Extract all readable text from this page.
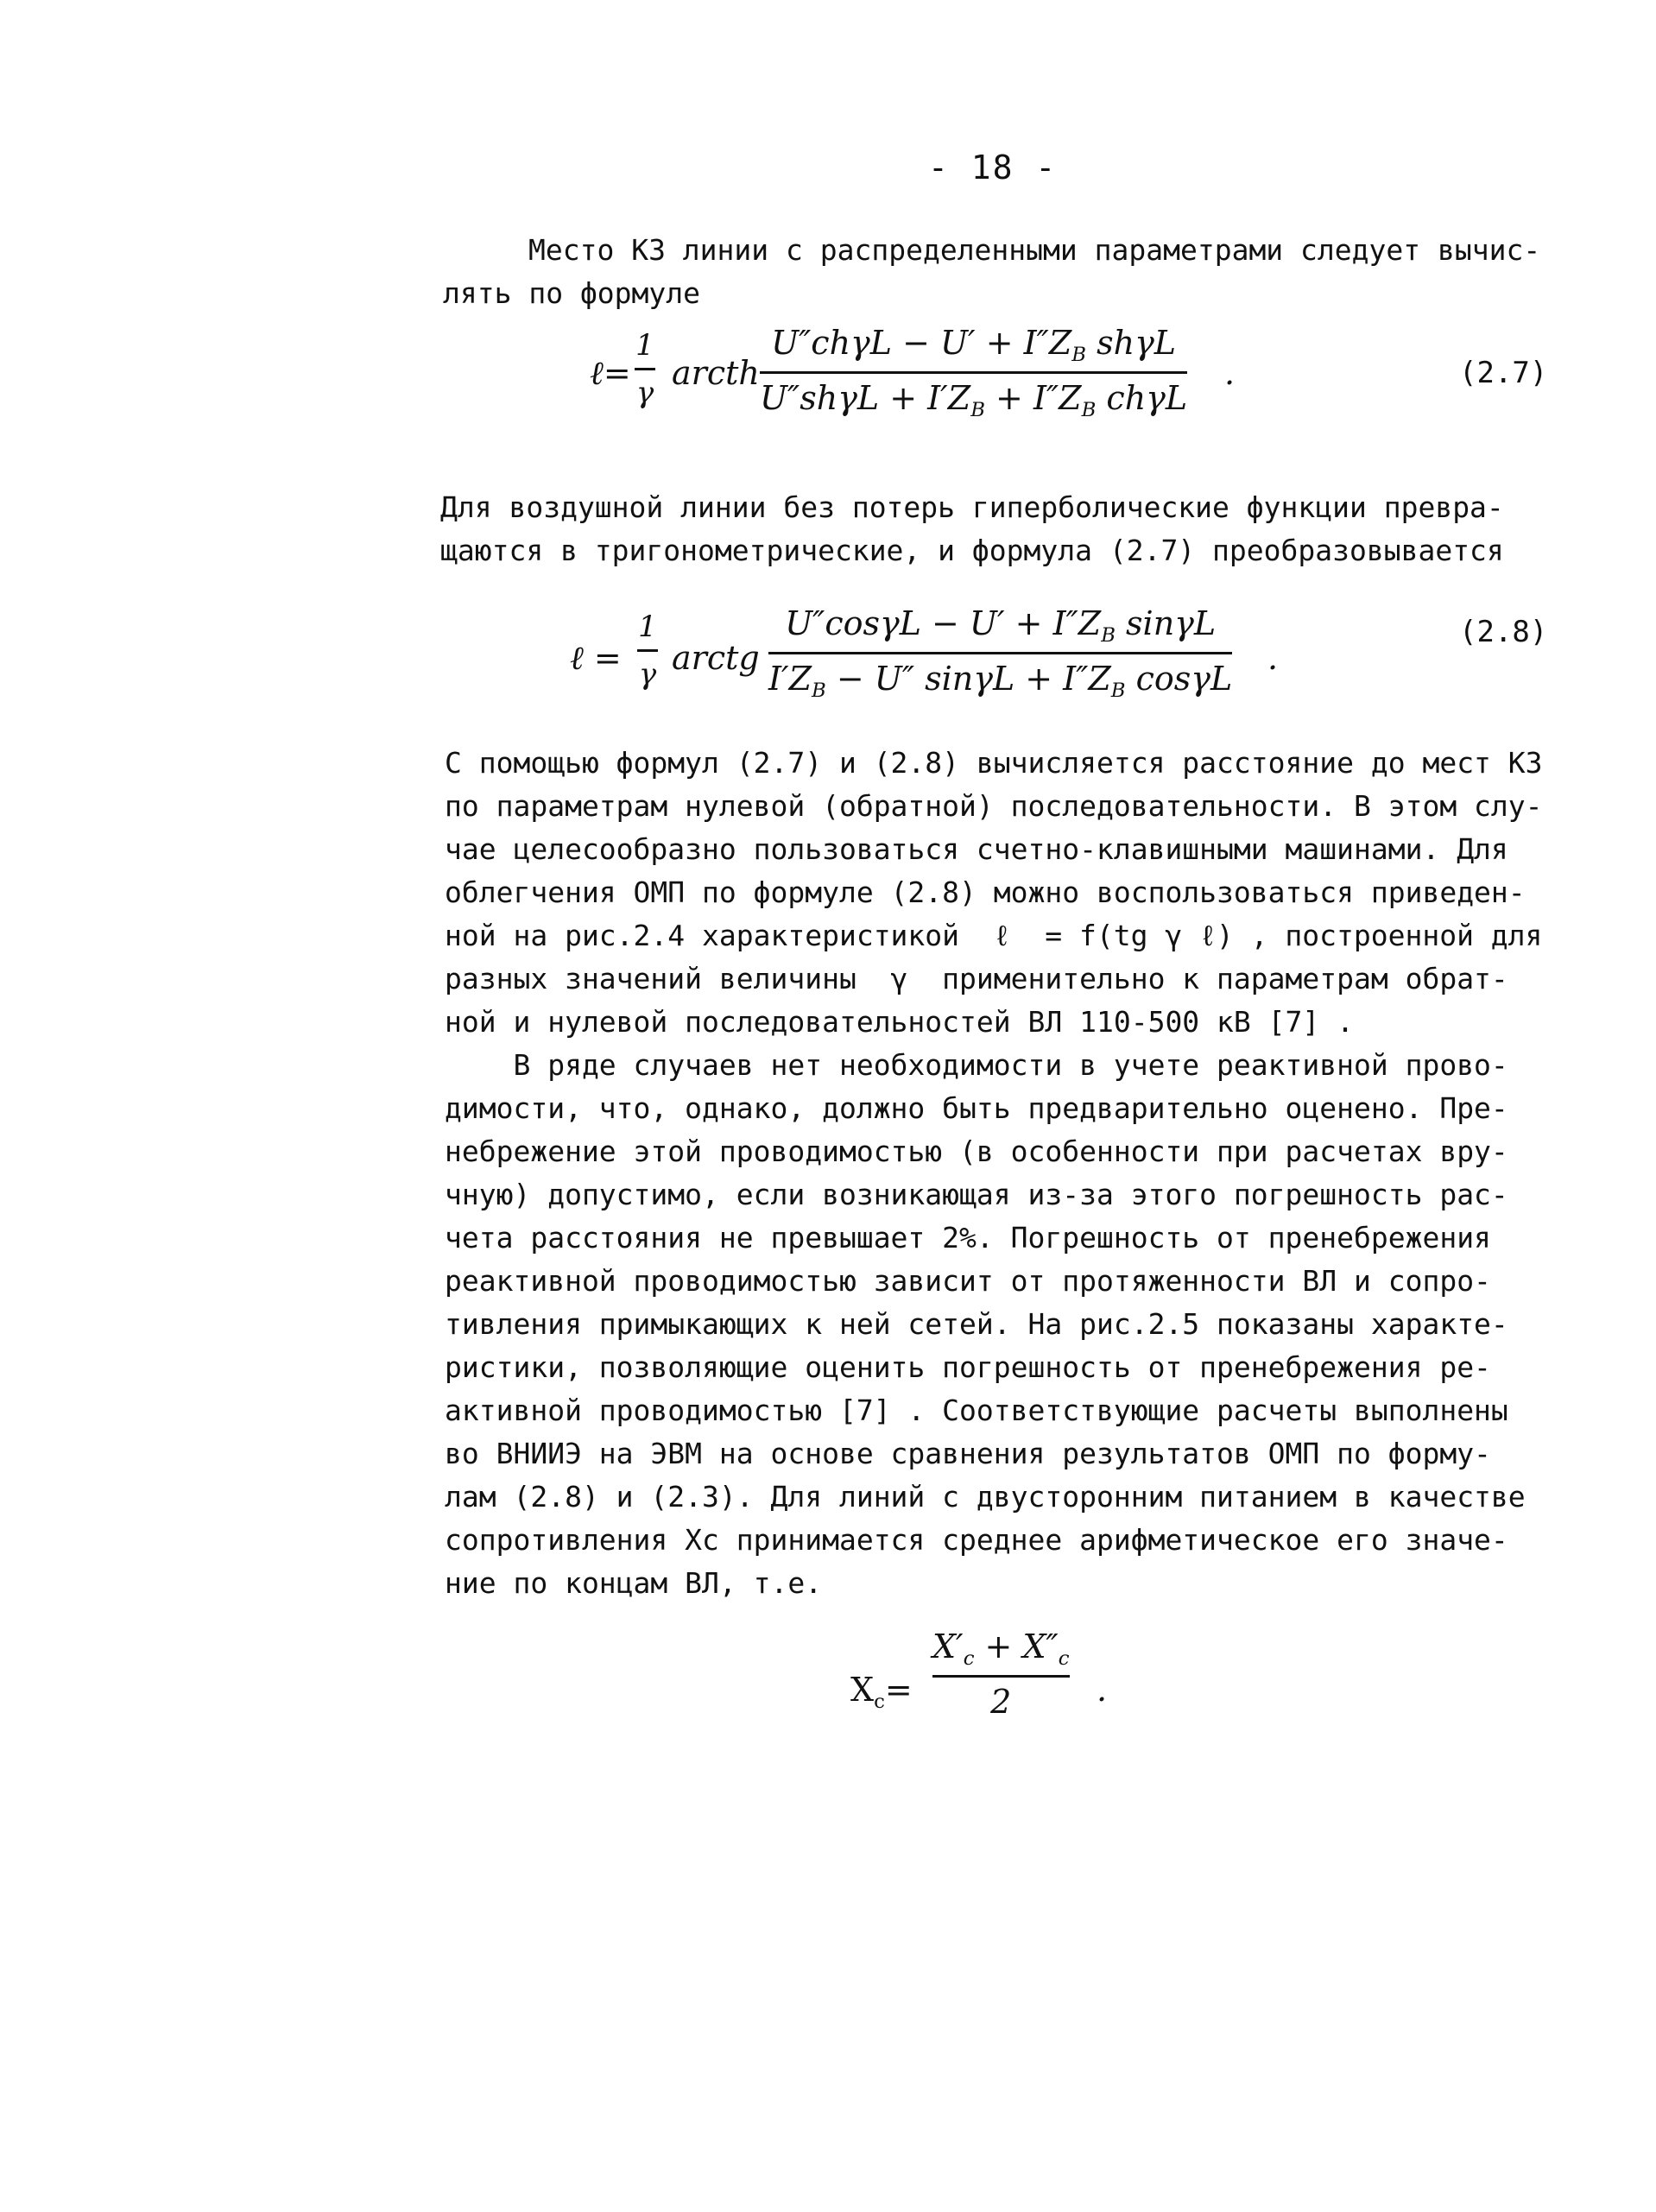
- 18 -
Место КЗ линии с распределенными параметрами следует вычис-
лять по формуле
ℓ=
1
γ
arcth
$U''ch\gamma L - U' + I''Z_B$ shγL
$U''sh\gamma L + I'Z_B + I''Z_B$ chγL
.	(2.7)
Для воздушной линии без потерь гиперболические функции превра-
щаются в тригонометрические, и формула (2.7) преобразовывается
ℓ =
1
γ arctg
$U''\cos\gamma L - U' + I''Z_B$ sinγL
$I'Z_B - U''$ $\sin\gamma L + I''Z_B$ cosγL
.
(2.8)
С помощью формул (2.7) и (2.8) вычисляется расстояние до мест КЗ
по параметрам нулевой (обратной) последовательности. В этом слу-
чае целесообразно пользоваться счетно-клавишными машинами. Для
облегчения ОМП по формуле (2.8) можно воспользоваться приведен-
ной на рис.2.4 характеристикой  ℓ  = f(tg γ ℓ) , построенной для
разных значений величины  γ  применительно к параметрам обрат-
ной и нулевой последовательностей ВЛ 110-500 кВ [7] .
В ряде случаев нет необходимости в учете реактивной прово-
димости, что, однако, должно быть предварительно оценено. Пре-
небрежение этой проводимостью (в особенности при расчетах вру-
чную) допустимо, если возникающая из-за этого погрешность рас-
чета расстояния не превышает 2%. Погрешность от пренебрежения
реактивной проводимостью зависит от протяженности ВЛ и сопро-
тивления примыкающих к ней сетей. На рис.2.5 показаны характе-
ристики, позволяющие оценить погрешность от пренебрежения ре-
активной проводимостью [7] . Соответствующие расчеты выполнены
во ВНИИЭ на ЭВМ на основе сравнения результатов ОМП по форму-
лам (2.8) и (2.3). Для линий с двусторонним питанием в качестве
сопротивления Xс принимается среднее арифметическое его значе-
ние по концам ВЛ, т.е.
$X_c=$
$X'_c + X''_c$
2	.
